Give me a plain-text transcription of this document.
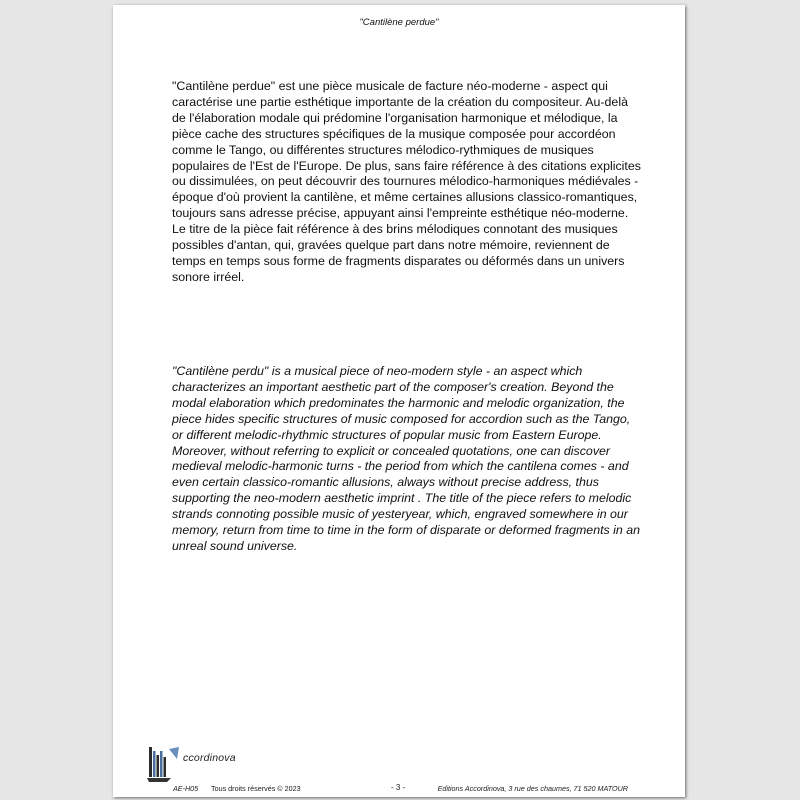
"Cantilène perdue"

"Cantilène perdue" est une pièce musicale de facture néo-moderne - aspect qui caractérise une partie esthétique importante de la création du compositeur. Au-delà de l'élaboration modale qui prédomine l'organisation harmonique et mélodique, la pièce cache des structures spécifiques de la musique composée pour accordéon comme le Tango, ou différentes structures mélodico-rythmiques de musiques populaires de l'Est de l'Europe. De plus, sans faire référence à des citations explicites ou dissimulées, on peut découvrir des tournures mélodico-harmoniques médiévales - époque d'où provient la cantilène, et même certaines allusions classico-romantiques, toujours sans adresse précise, appuyant ainsi l'empreinte esthétique néo-moderne. Le titre de la pièce fait référence à des brins mélodiques connotant des musiques possibles d'antan, qui, gravées quelque part dans notre mémoire, reviennent de temps en temps sous forme de fragments disparates ou déformés dans un univers sonore irréel.

"Cantilène perdu" is a musical piece of neo-modern style - an aspect which characterizes an important aesthetic part of the composer's creation. Beyond the modal elaboration which predominates the harmonic and melodic organization, the piece hides specific structures of music composed for accordion such as the Tango, or different melodic-rhythmic structures of popular music from Eastern Europe. Moreover, without referring to explicit or concealed quotations, one can discover medieval melodic-harmonic turns - the period from which the cantilena comes - and even certain classico-romantic allusions, always without precise address, thus supporting the neo-modern aesthetic imprint . The title of the piece refers to melodic strands connoting possible music of yesteryear, which, engraved somewhere in our memory, return from time to time in the form of disparate or deformed fragments in an unreal sound universe.

ccordinova
AE-H05 Tous droits réservés © 2023	- 3 -	Editions Accordinova, 3 rue des chaumes, 71 520 MATOUR
